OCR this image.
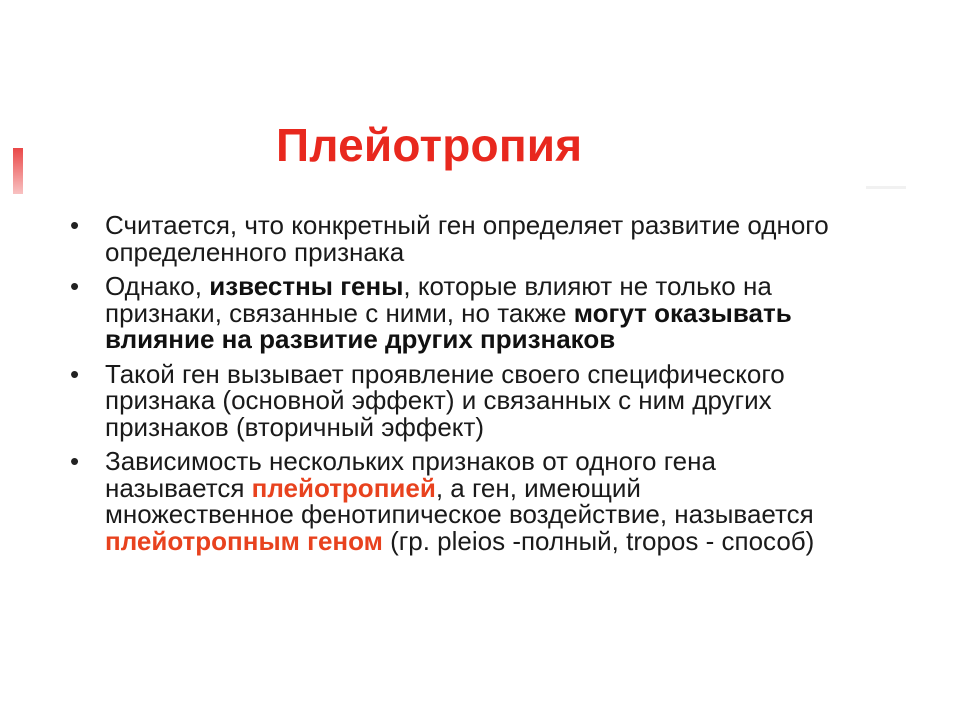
Плейотропия
• Считается, что конкретный ген определяет развитие одного определенного признака
• Однако, известны гены, которые влияют не только на признаки, связанные с ними, но также могут оказывать влияние на развитие других признаков
• Такой ген вызывает проявление своего специфического признака (основной эффект) и связанных с ним других признаков (вторичный эффект)
• Зависимость нескольких признаков от одного гена называется плейотропией, а ген, имеющий множественное фенотипическое воздействие, называется плейотропным геном (гр. pleios -полный, tropos - способ)
